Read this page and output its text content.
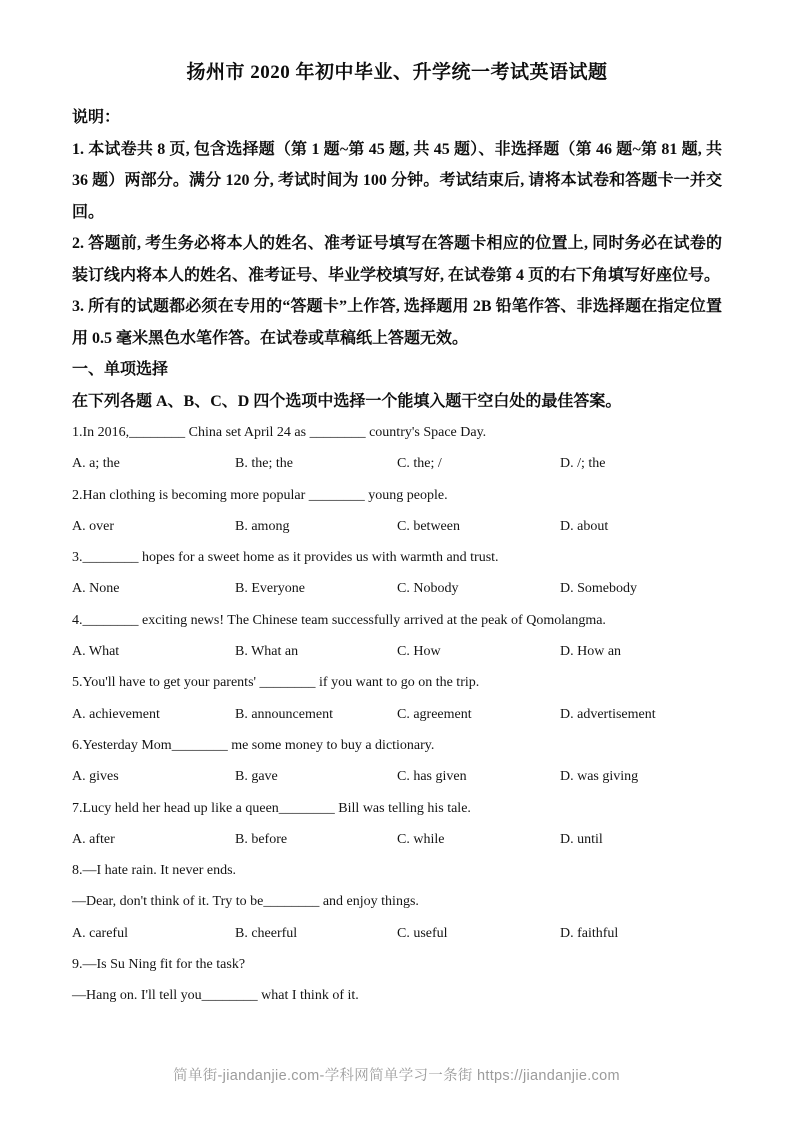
扬州市 2020 年初中毕业、升学统一考试英语试题

说明：

1. 本试卷共 8 页, 包含选择题（第 1 题~第 45 题, 共 45 题）、非选择题（第 46 题~第 81 题, 共 36 题）两部分。满分 120 分, 考试时间为 100 分钟。考试结束后, 请将本试卷和答题卡一并交回。

2. 答题前, 考生务必将本人的姓名、准考证号填写在答题卡相应的位置上, 同时务必在试卷的装订线内将本人的姓名、准考证号、毕业学校填写好, 在试卷第 4 页的右下角填写好座位号。

3. 所有的试题都必须在专用的“答题卡”上作答, 选择题用 2B 铅笔作答、非选择题在指定位置用 0.5 毫米黑色水笔作答。在试卷或草稿纸上答题无效。

一、单项选择

在下列各题 A、B、C、D 四个选项中选择一个能填入题干空白处的最佳答案。

1.In 2016,________ China set April 24 as ________ country's Space Day.

A. a; the	B. the; the	C. the; /	D. /; the

2.Han clothing is becoming more popular ________ young people.

A. over	B. among	C. between	D. about

3.________ hopes for a sweet home as it provides us with warmth and trust.

A. None	B. Everyone	C. Nobody	D. Somebody

4.________ exciting news! The Chinese team successfully arrived at the peak of Qomolangma.

A. What	B. What an	C. How	D. How an

5.You'll have to get your parents' ________ if you want to go on the trip.

A. achievement	B. announcement	C. agreement	D. advertisement

6.Yesterday Mom________ me some money to buy a dictionary.

A. gives	B. gave	C. has given	D. was giving

7.Lucy held her head up like a queen________ Bill was telling his tale.

A. after	B. before	C. while	D. until

8.—I hate rain. It never ends.

—Dear, don't think of it. Try to be________ and enjoy things.

A. careful	B. cheerful	C. useful	D. faithful

9.—Is Su Ning fit for the task?

—Hang on. I'll tell you________ what I think of it.

简单街-jiandanjie.com-学科网简单学习一条街 https://jiandanjie.com
